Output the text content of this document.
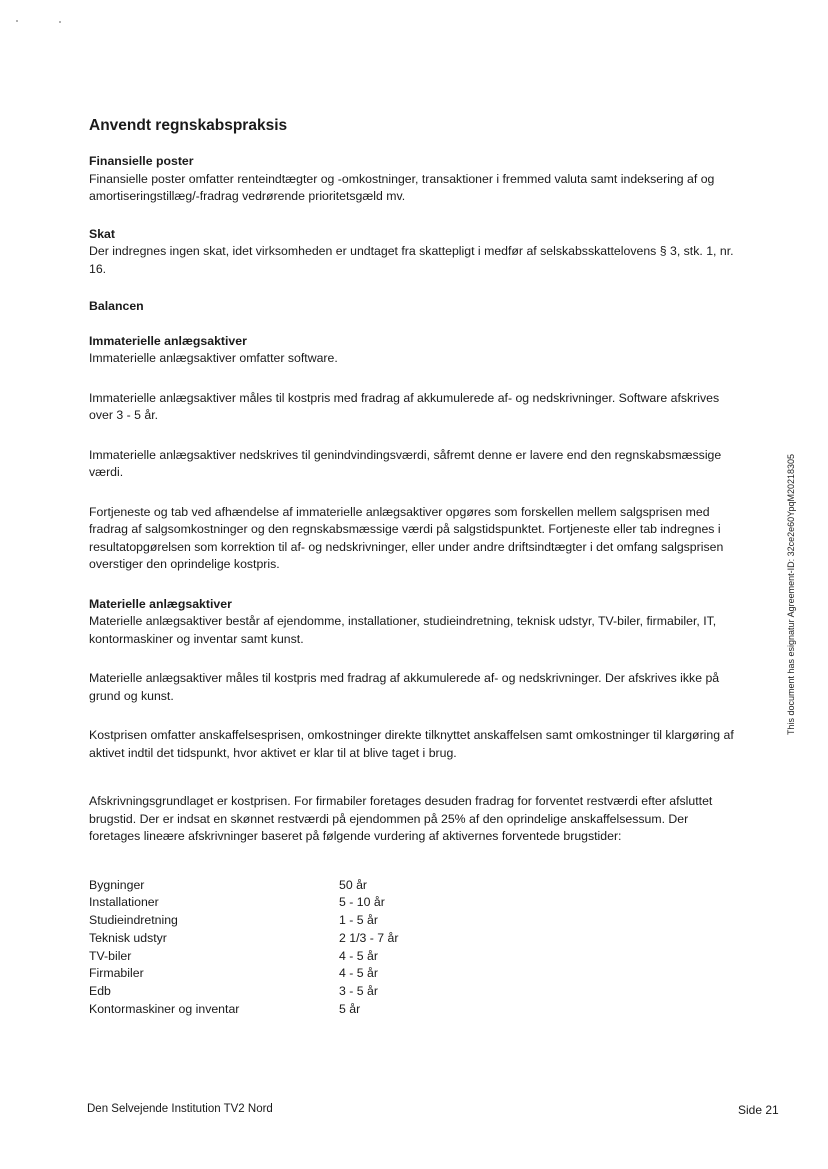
Anvendt regnskabspraksis

Finansielle poster

Finansielle poster omfatter renteindtægter og -omkostninger, transaktioner i fremmed valuta samt indeksering af og amortiseringstillæg/-fradrag vedrørende prioritetsgæld mv.

Skat

Der indregnes ingen skat, idet virksomheden er undtaget fra skattepligt i medfør af selskabsskattelovens § 3, stk. 1, nr. 16.

Balancen

Immaterielle anlægsaktiver

Immaterielle anlægsaktiver omfatter software.

Immaterielle anlægsaktiver måles til kostpris med fradrag af akkumulerede af- og nedskrivninger. Software afskrives over 3 - 5 år.

Immaterielle anlægsaktiver nedskrives til genindvindingsværdi, såfremt denne er lavere end den regnskabsmæssige værdi.

Fortjeneste og tab ved afhændelse af immaterielle anlægsaktiver opgøres som forskellen mellem salgsprisen med fradrag af salgsomkostninger og den regnskabsmæssige værdi på salgstidspunktet. Fortjeneste eller tab indregnes i resultatopgørelsen som korrektion til af- og nedskrivninger, eller under andre driftsindtægter i det omfang salgsprisen overstiger den oprindelige kostpris.

Materielle anlægsaktiver

Materielle anlægsaktiver består af ejendomme, installationer, studieindretning, teknisk udstyr, TV-biler, firmabiler, IT, kontormaskiner og inventar samt kunst.

Materielle anlægsaktiver måles til kostpris med fradrag af akkumulerede af- og nedskrivninger. Der afskrives ikke på grund og kunst.

Kostprisen omfatter anskaffelsesprisen, omkostninger direkte tilknyttet anskaffelsen samt omkostninger til klargøring af aktivet indtil det tidspunkt, hvor aktivet er klar til at blive taget i brug.

Afskrivningsgrundlaget er kostprisen. For firmabiler foretages desuden fradrag for forventet restværdi efter afsluttet brugstid. Der er indsat en skønnet restværdi på ejendommen på 25% af den oprindelige anskaffelsessum. Der foretages lineære afskrivninger baseret på følgende vurdering af aktivernes forventede brugstider:

Bygninger	50 år
Installationer	5 - 10 år
Studieindretning	1 - 5 år
Teknisk udstyr	2 1/3 - 7 år
TV-biler	4 - 5 år
Firmabiler	4 - 5 år
Edb	3 - 5 år
Kontormaskiner og inventar	5 år
Den Selvejende Institution TV2 Nord	Side 21
This document has esignatur Agreement-ID: 32ce2e60YpqM20218305
